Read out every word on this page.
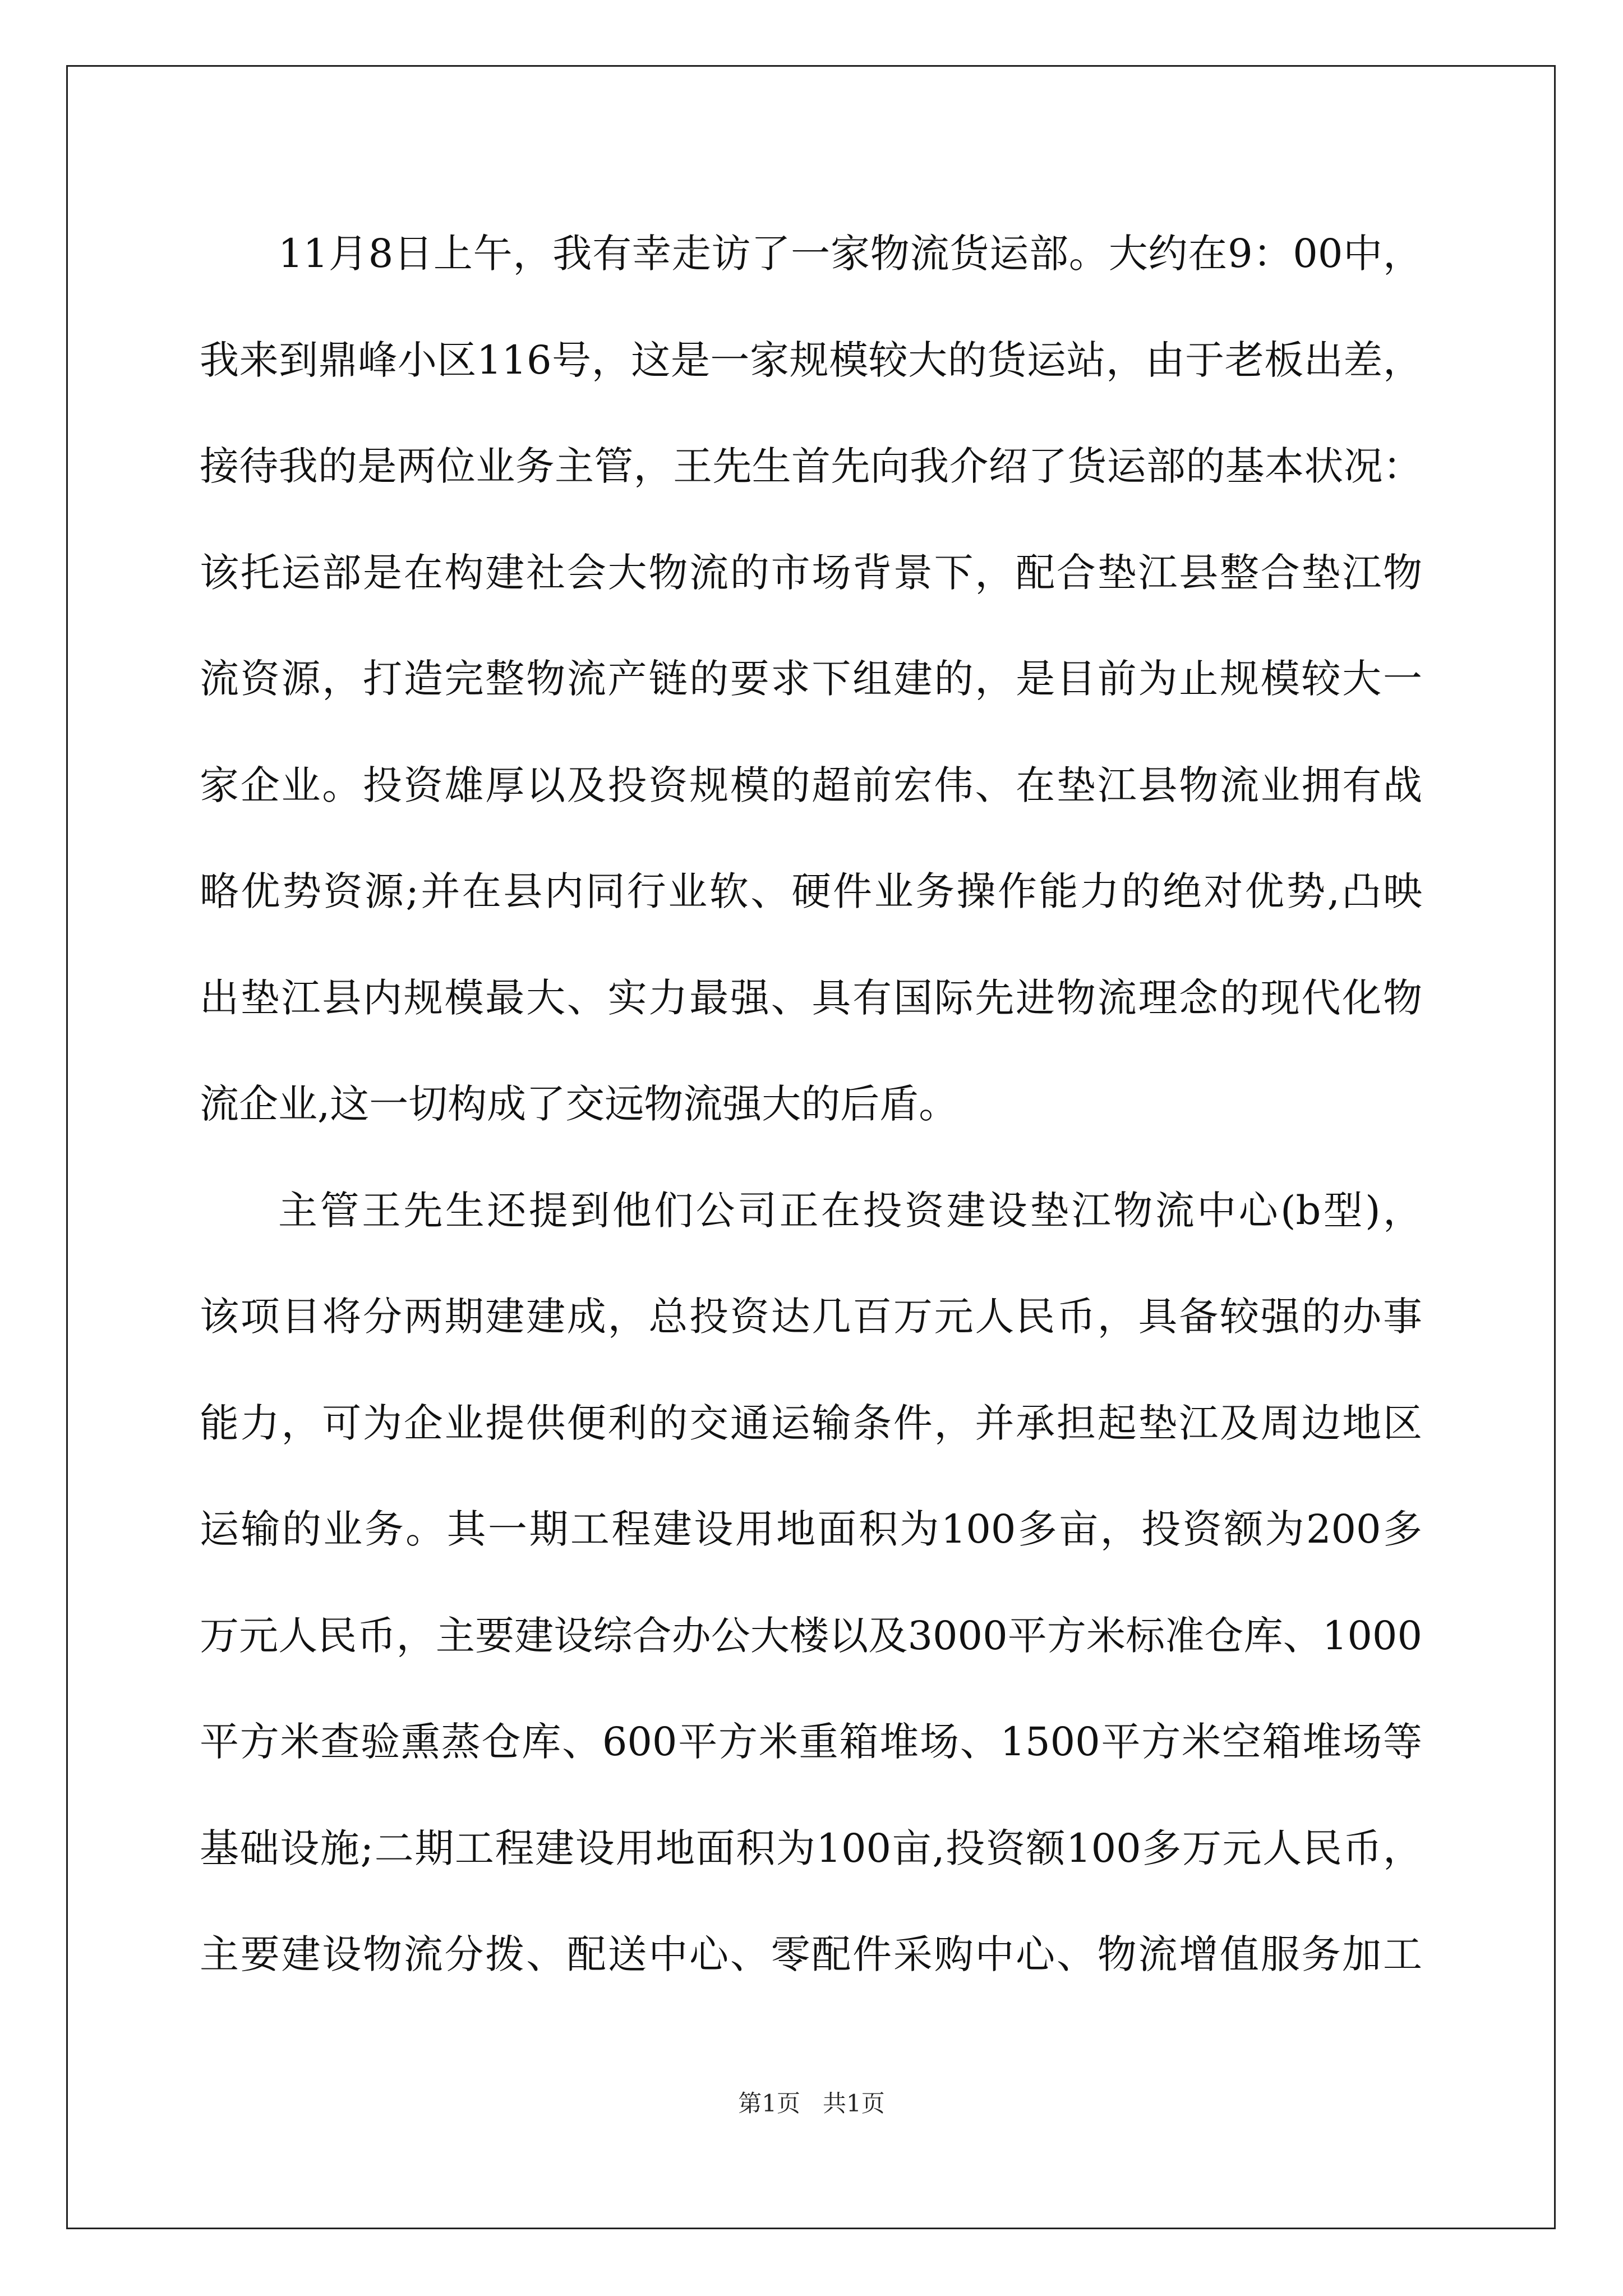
11月8日上午，我有幸走访了一家物流货运部。大约在9：00中，
我来到鼎峰小区116号，这是一家规模较大的货运站，由于老板出差，
接待我的是两位业务主管，王先生首先向我介绍了货运部的基本状况：
该托运部是在构建社会大物流的市场背景下，配合垫江县整合垫江物
流资源，打造完整物流产链的要求下组建的，是目前为止规模较大一
家企业。投资雄厚以及投资规模的超前宏伟、在垫江县物流业拥有战
略优势资源;并在县内同行业软、硬件业务操作能力的绝对优势,凸映
出垫江县内规模最大、实力最强、具有国际先进物流理念的现代化物
流企业,这一切构成了交远物流强大的后盾。
主管王先生还提到他们公司正在投资建设垫江物流中心(b型)，
该项目将分两期建建成，总投资达几百万元人民币，具备较强的办事
能力，可为企业提供便利的交通运输条件，并承担起垫江及周边地区
运输的业务。其一期工程建设用地面积为100多亩，投资额为200多
万元人民币，主要建设综合办公大楼以及3000平方米标准仓库、1000
平方米查验熏蒸仓库、600平方米重箱堆场、1500平方米空箱堆场等
基础设施;二期工程建设用地面积为100亩,投资额100多万元人民币，
主要建设物流分拨、配送中心、零配件采购中心、物流增值服务加工
第1页   共1页
